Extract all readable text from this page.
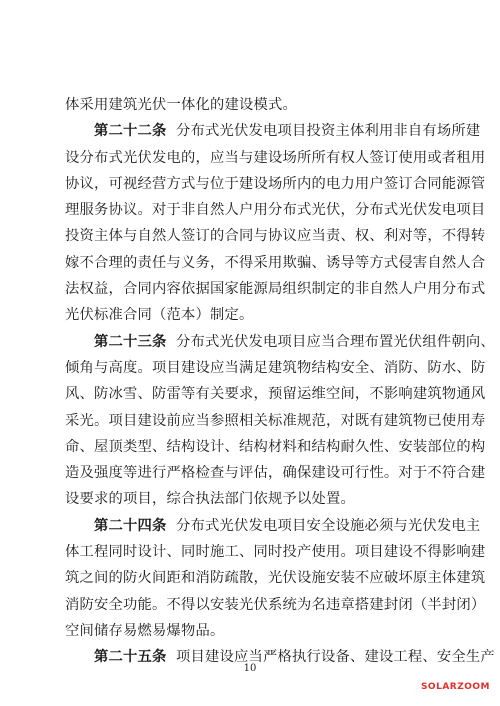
体采用建筑光伏一体化的建设模式。
第二十二条 分布式光伏发电项目投资主体利用非自有场所建
设分布式光伏发电的，应当与建设场所所有权人签订使用或者租用
协议，可视经营方式与位于建设场所内的电力用户签订合同能源管
理服务协议。对于非自然人户用分布式光伏，分布式光伏发电项目
投资主体与自然人签订的合同与协议应当责、权、利对等，不得转
嫁不合理的责任与义务，不得采用欺骗、诱导等方式侵害自然人合
法权益，合同内容依据国家能源局组织制定的非自然人户用分布式
光伏标准合同（范本）制定。
第二十三条 分布式光伏发电项目应当合理布置光伏组件朝向、
倾角与高度。项目建设应当满足建筑物结构安全、消防、防水、防
风、防冰雪、防雷等有关要求，预留运维空间，不影响建筑物通风
采光。项目建设前应当参照相关标准规范，对既有建筑物已使用寿
命、屋顶类型、结构设计、结构材料和结构耐久性、安装部位的构
造及强度等进行严格检查与评估，确保建设可行性。对于不符合建
设要求的项目，综合执法部门依规予以处置。
第二十四条 分布式光伏发电项目安全设施必须与光伏发电主
体工程同时设计、同时施工、同时投产使用。项目建设不得影响建
筑之间的防火间距和消防疏散，光伏设施安装不应破坏原主体建筑
消防安全功能。不得以安装光伏系统为名违章搭建封闭（半封闭）
空间储存易燃易爆物品。
第二十五条 项目建设应当严格执行设备、建设工程、安全生产
10
SOLARZOOM
